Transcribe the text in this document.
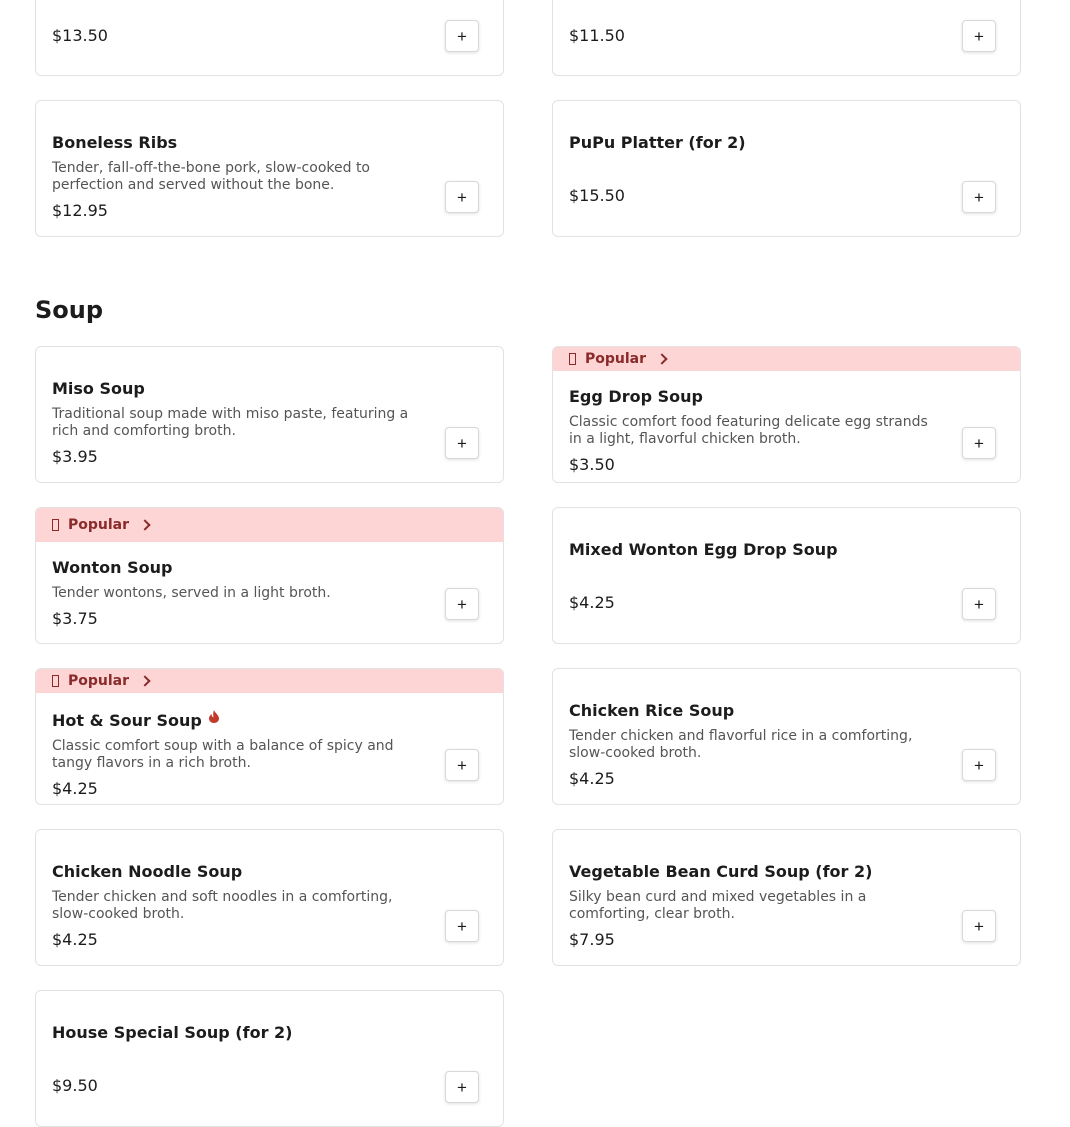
$13.50	+	$11.50	+
Boneless Ribs
Tender, fall-off-the-bone pork, slow-cooked to perfection and served without the bone.
$12.95
+
PuPu Platter (for 2)
$15.50	+
Soup
Miso Soup
Traditional soup made with miso paste, featuring a rich and comforting broth.
$3.95
+
Popular
Egg Drop Soup
Classic comfort food featuring delicate egg strands in a light, flavorful chicken broth.
$3.50
+
Popular
Wonton Soup
Tender wontons, served in a light broth.
$3.75
+
Mixed Wonton Egg Drop Soup
$4.25	+
Popular
Hot & Sour Soup
Classic comfort soup with a balance of spicy and tangy flavors in a rich broth.
$4.25
+
Chicken Rice Soup
Tender chicken and flavorful rice in a comforting, slow-cooked broth.
$4.25
+
Chicken Noodle Soup
Tender chicken and soft noodles in a comforting, slow-cooked broth.
$4.25
+
Vegetable Bean Curd Soup (for 2)
Silky bean curd and mixed vegetables in a comforting, clear broth.
$7.95
+
House Special Soup (for 2)
$9.50	+
